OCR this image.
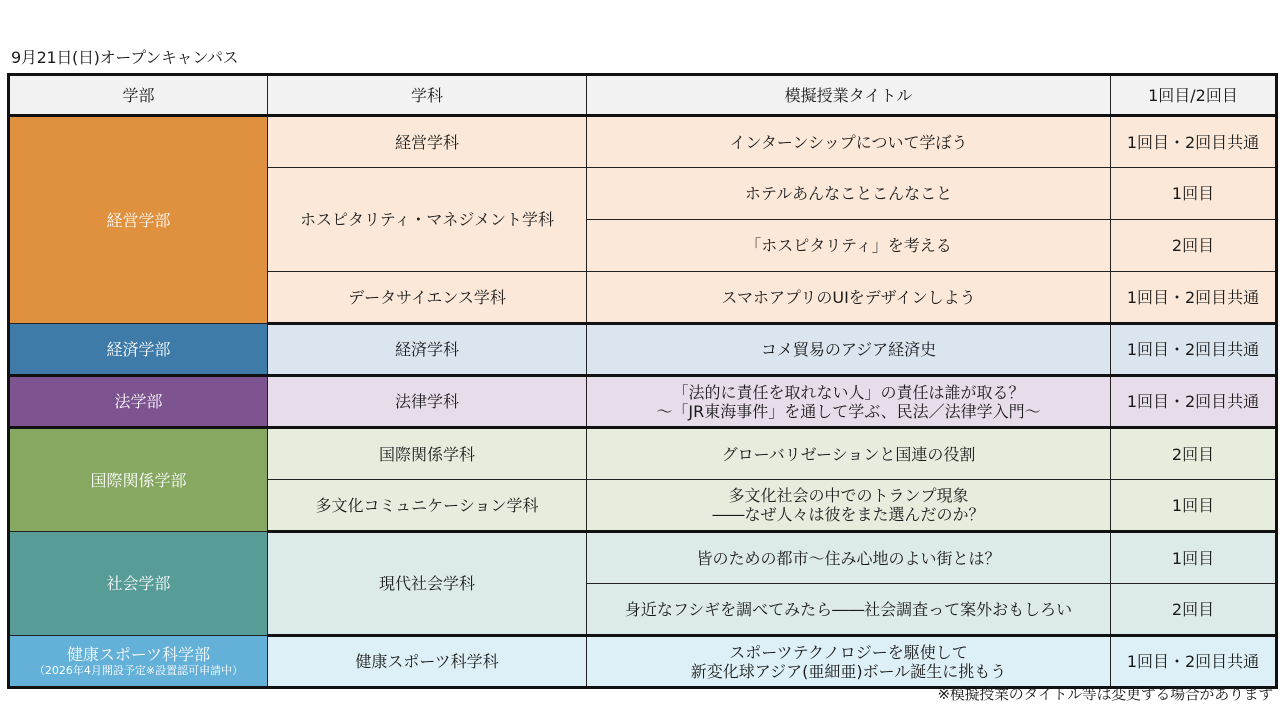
9月21日(日)オープンキャンパス
学部	学科	模擬授業タイトル	1回目/2回目

経営学部	経営学科	インターンシップについて学ぼう	1回目・2回目共通
	ホスピタリティ・マネジメント学科	ホテルあんなことこんなこと	1回目

		「ホスピタリティ」を考える	2回目
	データサイエンス学科	スマホアプリのUIをデザインしよう	1回目・2回目共通

経済学部	経済学科	コメ貿易のアジア経済史	1回目・2回目共通

法学部	法律学科	「法的に責任を取れない人」の責任は誰が取る？
～「JR東海事件」を通して学ぶ、民法／法律学入門～	1回目・2回目共通

国際関係学部	国際関係学科	グローバリゼーションと国連の役割	2回目
	多文化コミュニケーション学科	多文化社会の中でのトランプ現象
――なぜ人々は彼をまた選んだのか？	1回目

社会学部	現代社会学科	皆のための都市～住み心地のよい街とは？	1回目

		身近なフシギを調べてみたら――社会調査って案外おもしろい	2回目

健康スポーツ科学部
（2026年4月開設予定※設置認可申請中）	健康スポーツ科学科	スポーツテクノロジーを駆使して
新変化球アジア(亜細亜)ボール誕生に挑もう	1回目・2回目共通
※模擬授業のタイトル等は変更する場合があります
